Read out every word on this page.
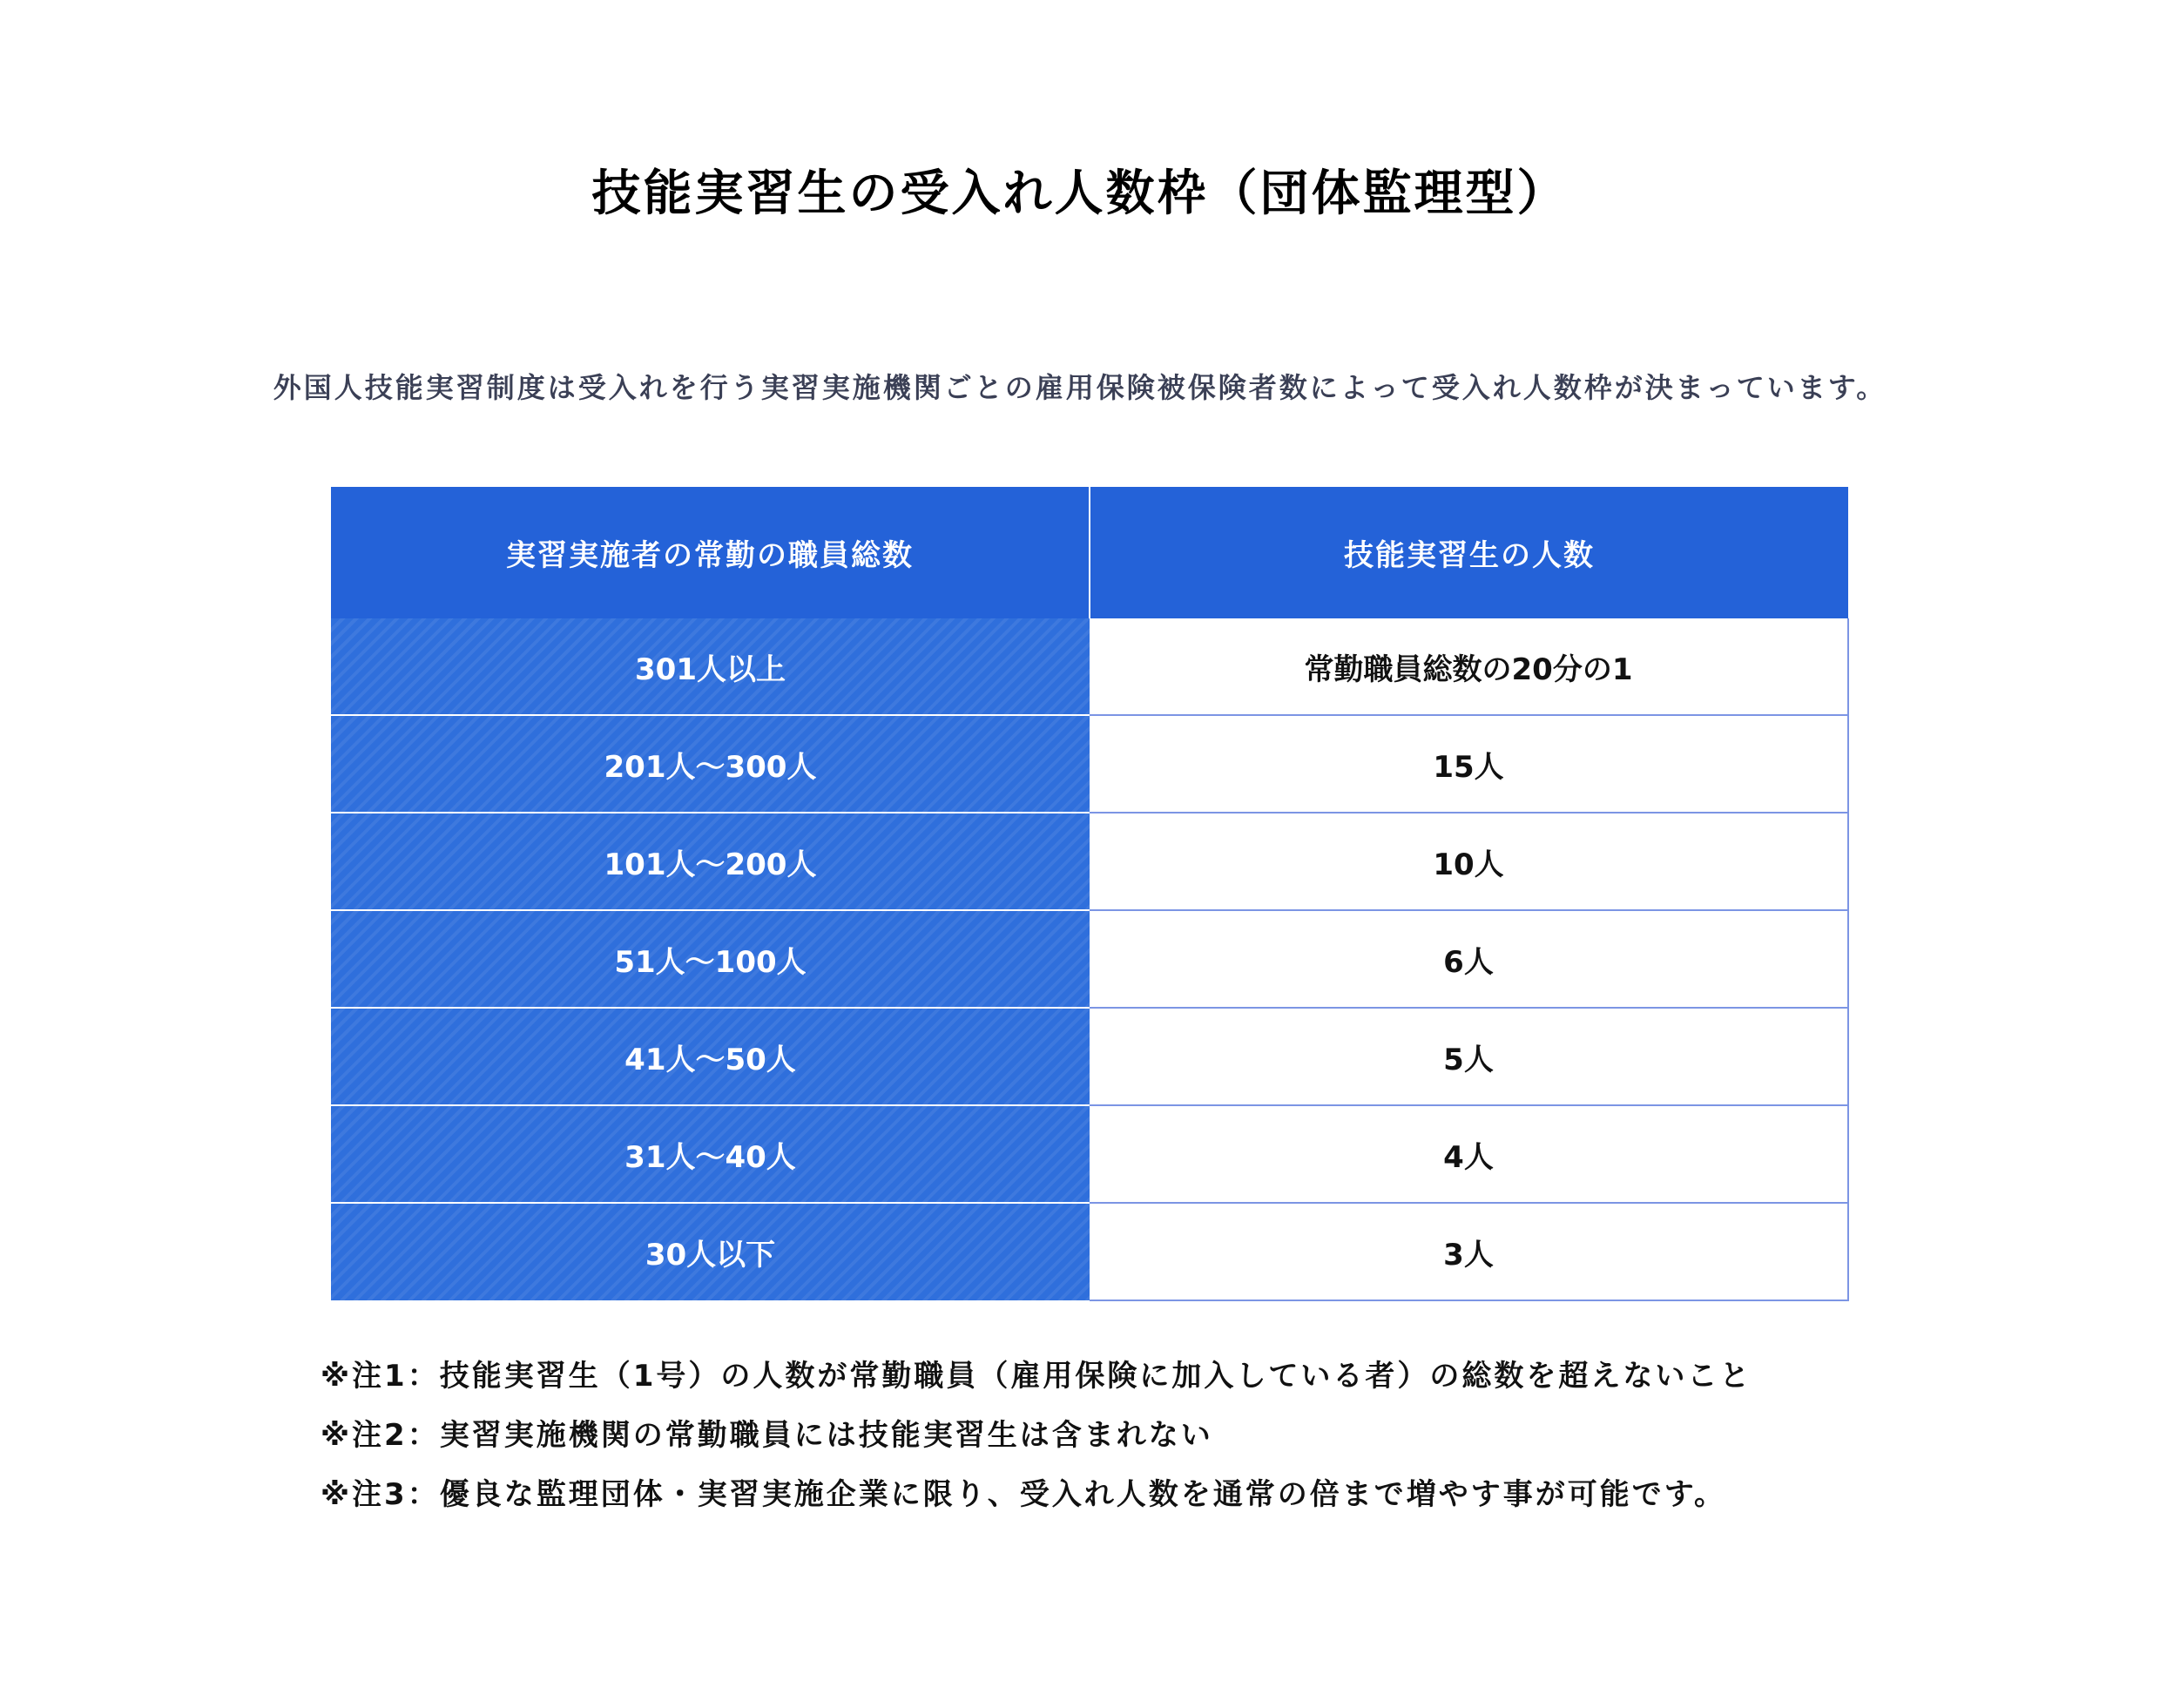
技能実習生の受入れ人数枠（団体監理型）

外国人技能実習制度は受入れを行う実習実施機関ごとの雇用保険被保険者数によって受入れ人数枠が決まっています。

実習実施者の常勤の職員総数	技能実習生の人数
301人以上	常勤職員総数の20分の1
201人〜300人	15人
101人〜200人	10人
51人〜100人	6人
41人〜50人	5人
31人〜40人	4人
30人以下	3人
※注1：技能実習生（1号）の人数が常勤職員（雇用保険に加入している者）の総数を超えないこと
※注2：実習実施機関の常勤職員には技能実習生は含まれない
※注3：優良な監理団体・実習実施企業に限り、受入れ人数を通常の倍まで増やす事が可能です。
